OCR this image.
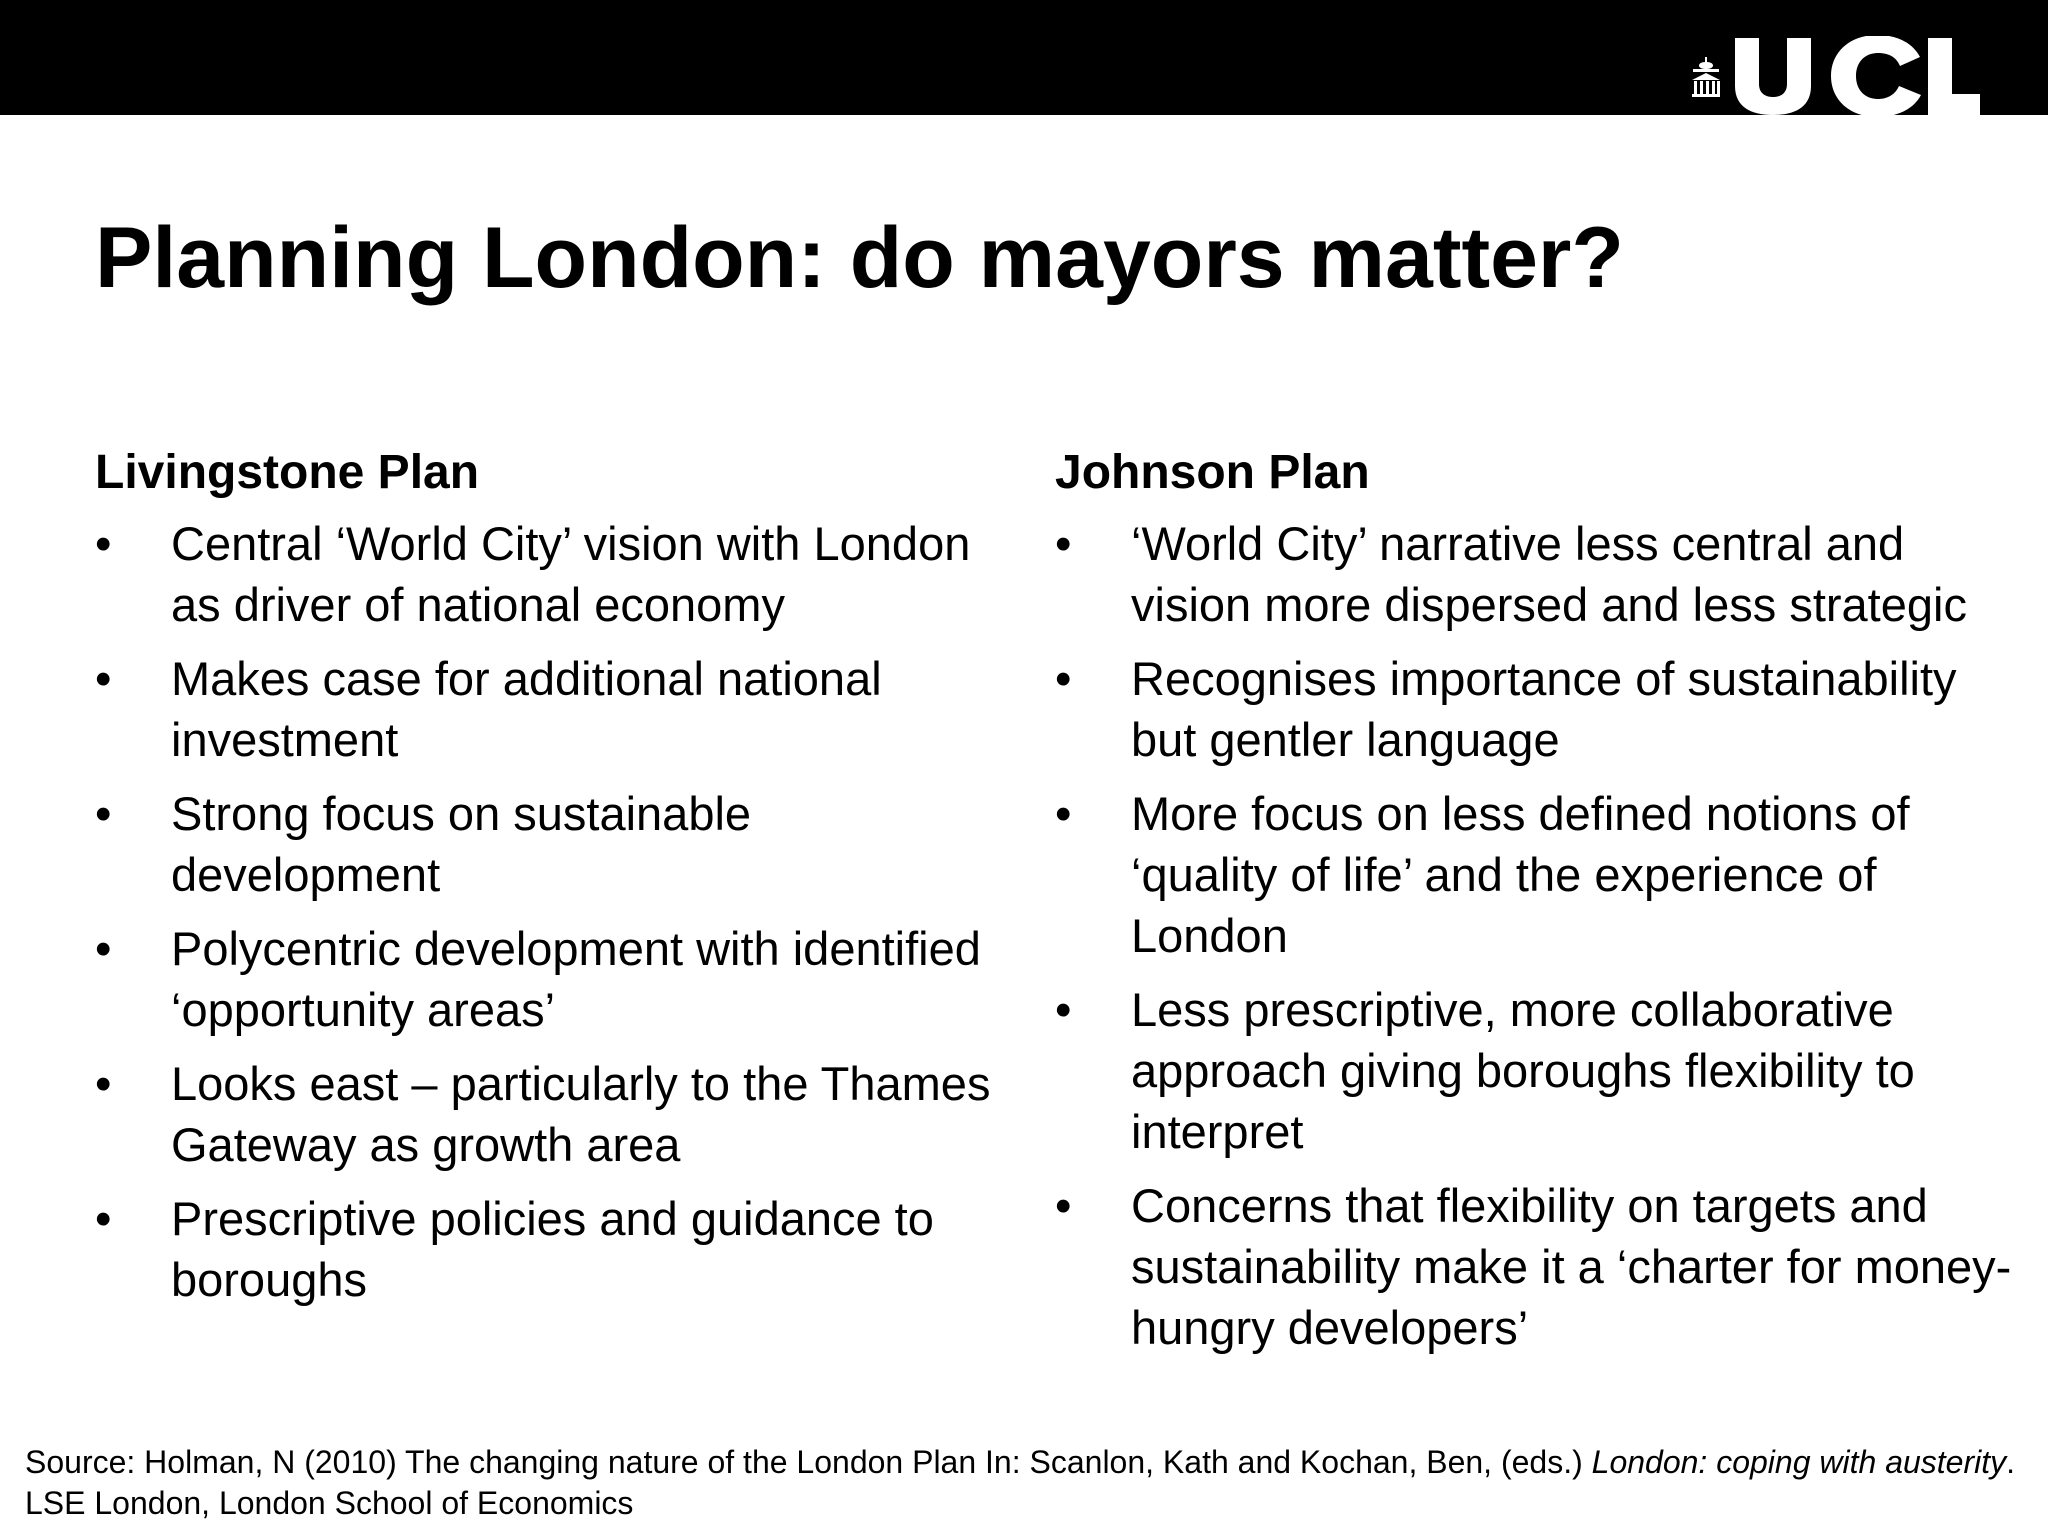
Planning London: do mayors matter?
Livingstone Plan
•	Central ‘World City’ vision with London as driver of national economy
•	Makes case for additional national investment
•	Strong focus on sustainable development
•	Polycentric development with identified ‘opportunity areas’
•	Looks east – particularly to the Thames Gateway as growth area
•	Prescriptive policies and guidance to boroughs
Johnson Plan
•	‘World City’ narrative less central and vision more dispersed and less strategic
•	Recognises importance of sustainability but gentler language
•	More focus on less defined notions of ‘quality of life’ and the experience of London
•	Less prescriptive, more collaborative approach giving boroughs flexibility to interpret
•	Concerns that flexibility on targets and sustainability make it a ‘charter for money-hungry developers’
Source: Holman, N (2010) The changing nature of the London Plan In: Scanlon, Kath and Kochan, Ben, (eds.) London: coping with austerity. LSE London, London School of Economics
